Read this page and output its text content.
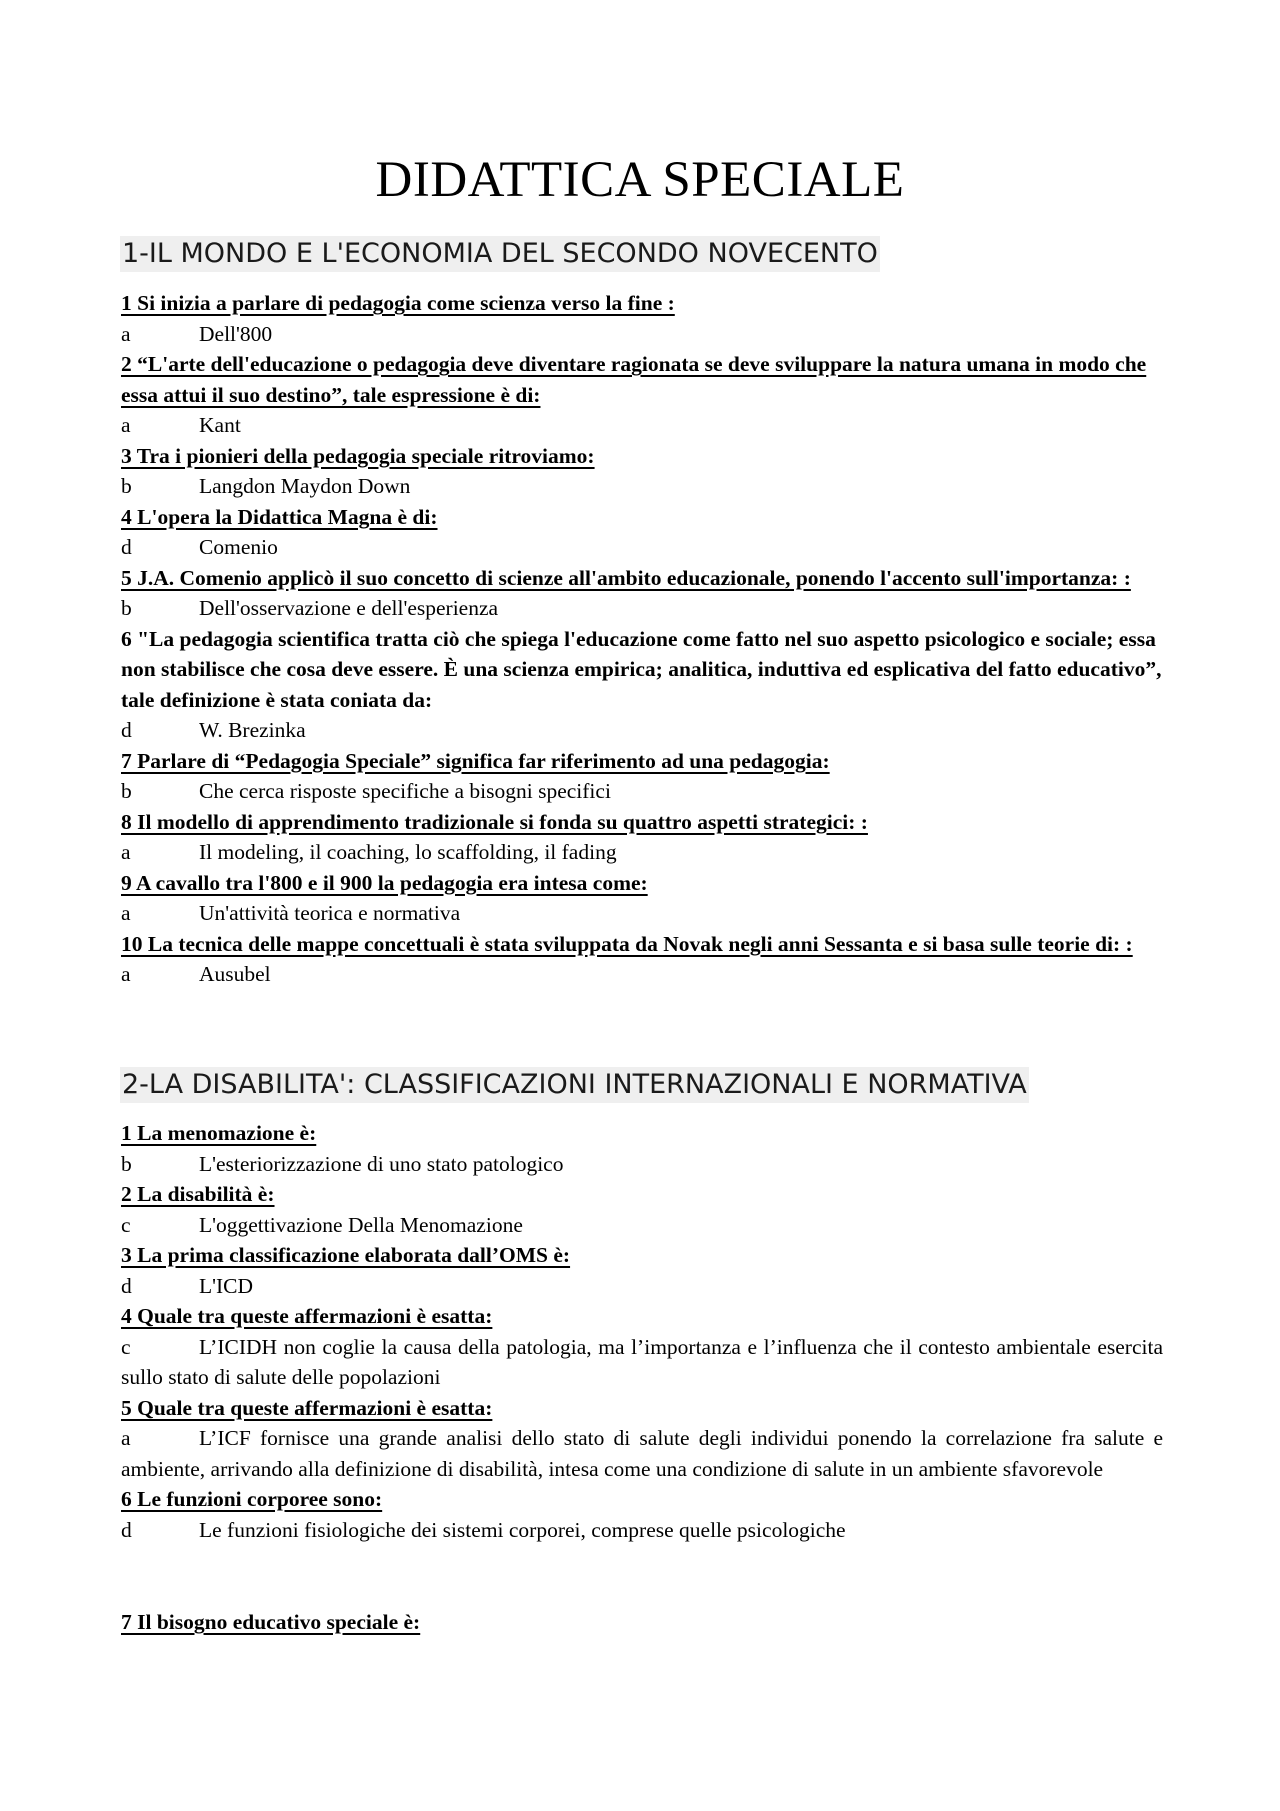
DIDATTICA SPECIALE
1-IL MONDO E L'ECONOMIA DEL SECONDO NOVECENTO

1 Si inizia a parlare di pedagogia come scienza verso la fine :

a	Dell'800

2 “L'arte dell'educazione o pedagogia deve diventare ragionata se deve sviluppare la natura umana in modo che essa attui il suo destino”, tale espressione è di:

a	Kant

3 Tra i pionieri della pedagogia speciale ritroviamo:

b	Langdon Maydon Down

4 L'opera la Didattica Magna è di:

d	Comenio

5 J.A. Comenio applicò il suo concetto di scienze all'ambito educazionale, ponendo l'accento sull'importanza: :

b	Dell'osservazione e dell'esperienza

6 "La pedagogia scientifica tratta ciò che spiega l'educazione come fatto nel suo aspetto psicologico e sociale; essa non stabilisce che cosa deve essere. È una scienza empirica; analitica, induttiva ed esplicativa del fatto educativo”, tale definizione è stata coniata da:

d	W. Brezinka

7 Parlare di “Pedagogia Speciale” significa far riferimento ad una pedagogia:

b	Che cerca risposte specifiche a bisogni specifici

8 Il modello di apprendimento tradizionale si fonda su quattro aspetti strategici: :

a	Il modeling, il coaching, lo scaffolding, il fading

9 A cavallo tra l'800 e il 900 la pedagogia era intesa come:

a	Un'attività teorica e normativa

10 La tecnica delle mappe concettuali è stata sviluppata da Novak negli anni Sessanta e si basa sulle teorie di: :

a	Ausubel

2-LA DISABILITA': CLASSIFICAZIONI INTERNAZIONALI E NORMATIVA

1 La menomazione è:

b	L'esteriorizzazione di uno stato patologico

2 La disabilità è:

c	L'oggettivazione Della Menomazione

3 La prima classificazione elaborata dall’OMS è:

d	L'ICD

4 Quale tra queste affermazioni è esatta:

c	L’ICIDH non coglie la causa della patologia, ma l’importanza e l’influenza che il contesto ambientale esercita sullo stato di salute delle popolazioni

5 Quale tra queste affermazioni è esatta:

a	L’ICF fornisce una grande analisi dello stato di salute degli individui ponendo la correlazione fra salute e ambiente, arrivando alla definizione di disabilità, intesa come una condizione di salute in un ambiente sfavorevole

6 Le funzioni corporee sono:

d	Le funzioni fisiologiche dei sistemi corporei, comprese quelle psicologiche

7 Il bisogno educativo speciale è:
